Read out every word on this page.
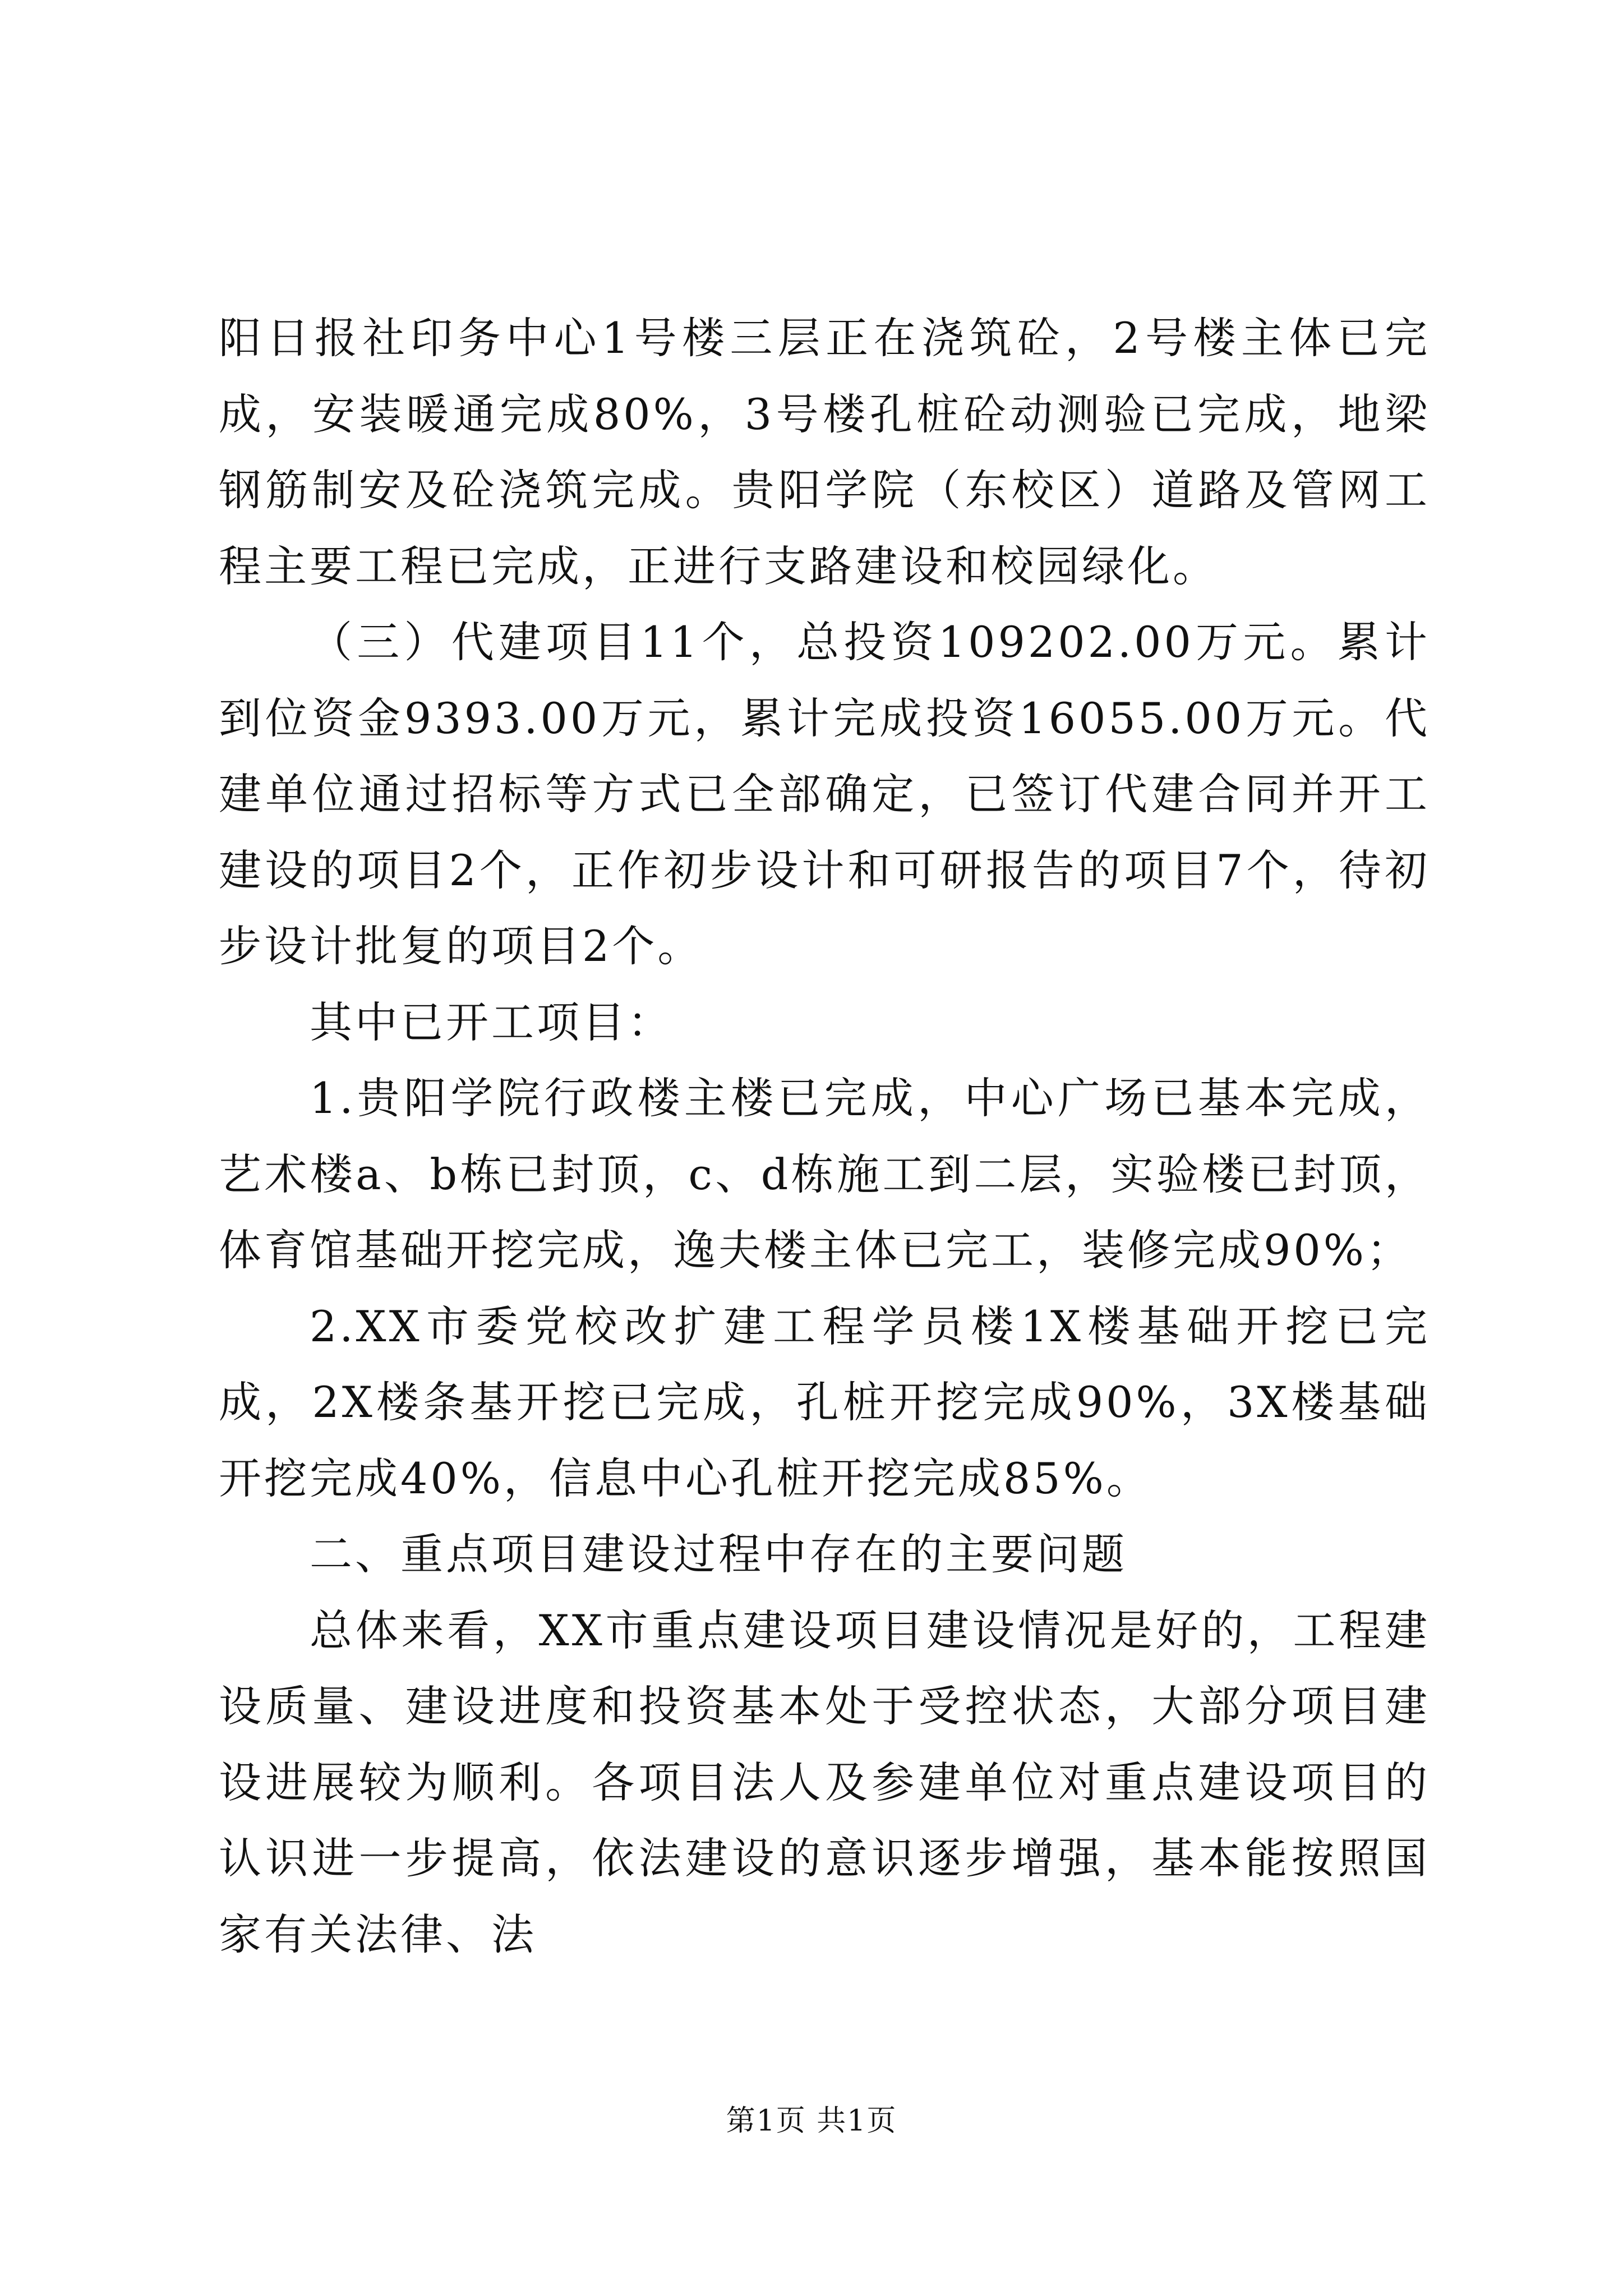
阳日报社印务中心1号楼三层正在浇筑砼，2号楼主体已完成，安装暖通完成80%，3号楼孔桩砼动测验已完成，地梁钢筋制安及砼浇筑完成。贵阳学院（东校区）道路及管网工程主要工程已完成，正进行支路建设和校园绿化。

（三）代建项目11个，总投资109202.00万元。累计到位资金9393.00万元，累计完成投资16055.00万元。代建单位通过招标等方式已全部确定，已签订代建合同并开工建设的项目2个，正作初步设计和可研报告的项目7个，待初步设计批复的项目2个。

其中已开工项目：

1.贵阳学院行政楼主楼已完成，中心广场已基本完成，艺术楼a、b栋已封顶，c、d栋施工到二层，实验楼已封顶，体育馆基础开挖完成，逸夫楼主体已完工，装修完成90%；

2.XX市委党校改扩建工程学员楼1X楼基础开挖已完成，2X楼条基开挖已完成，孔桩开挖完成90%，3X楼基础开挖完成40%，信息中心孔桩开挖完成85%。

二、重点项目建设过程中存在的主要问题

总体来看，XX市重点建设项目建设情况是好的，工程建设质量、建设进度和投资基本处于受控状态，大部分项目建设进展较为顺利。各项目法人及参建单位对重点建设项目的认识进一步提高，依法建设的意识逐步增强，基本能按照国家有关法律、法

第1页 共1页
